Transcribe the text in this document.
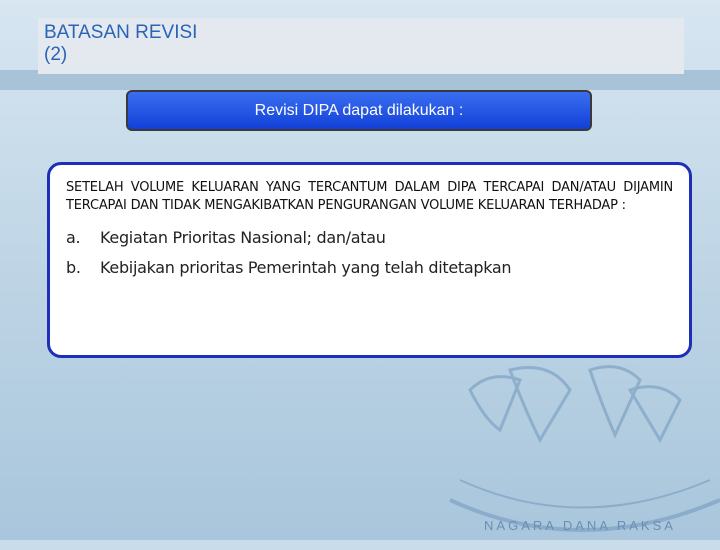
NAGARA DANA RAKSA
BATASAN REVISI
(2)
Revisi DIPA dapat dilakukan :

SETELAH VOLUME KELUARAN YANG TERCANTUM DALAM DIPA TERCAPAI DAN/ATAU DIJAMIN TERCAPAI DAN TIDAK MENGAKIBATKAN PENGURANGAN VOLUME KELUARAN TERHADAP :

a.	Kegiatan Prioritas Nasional; dan/atau
b.	Kebijakan prioritas Pemerintah yang telah ditetapkan
